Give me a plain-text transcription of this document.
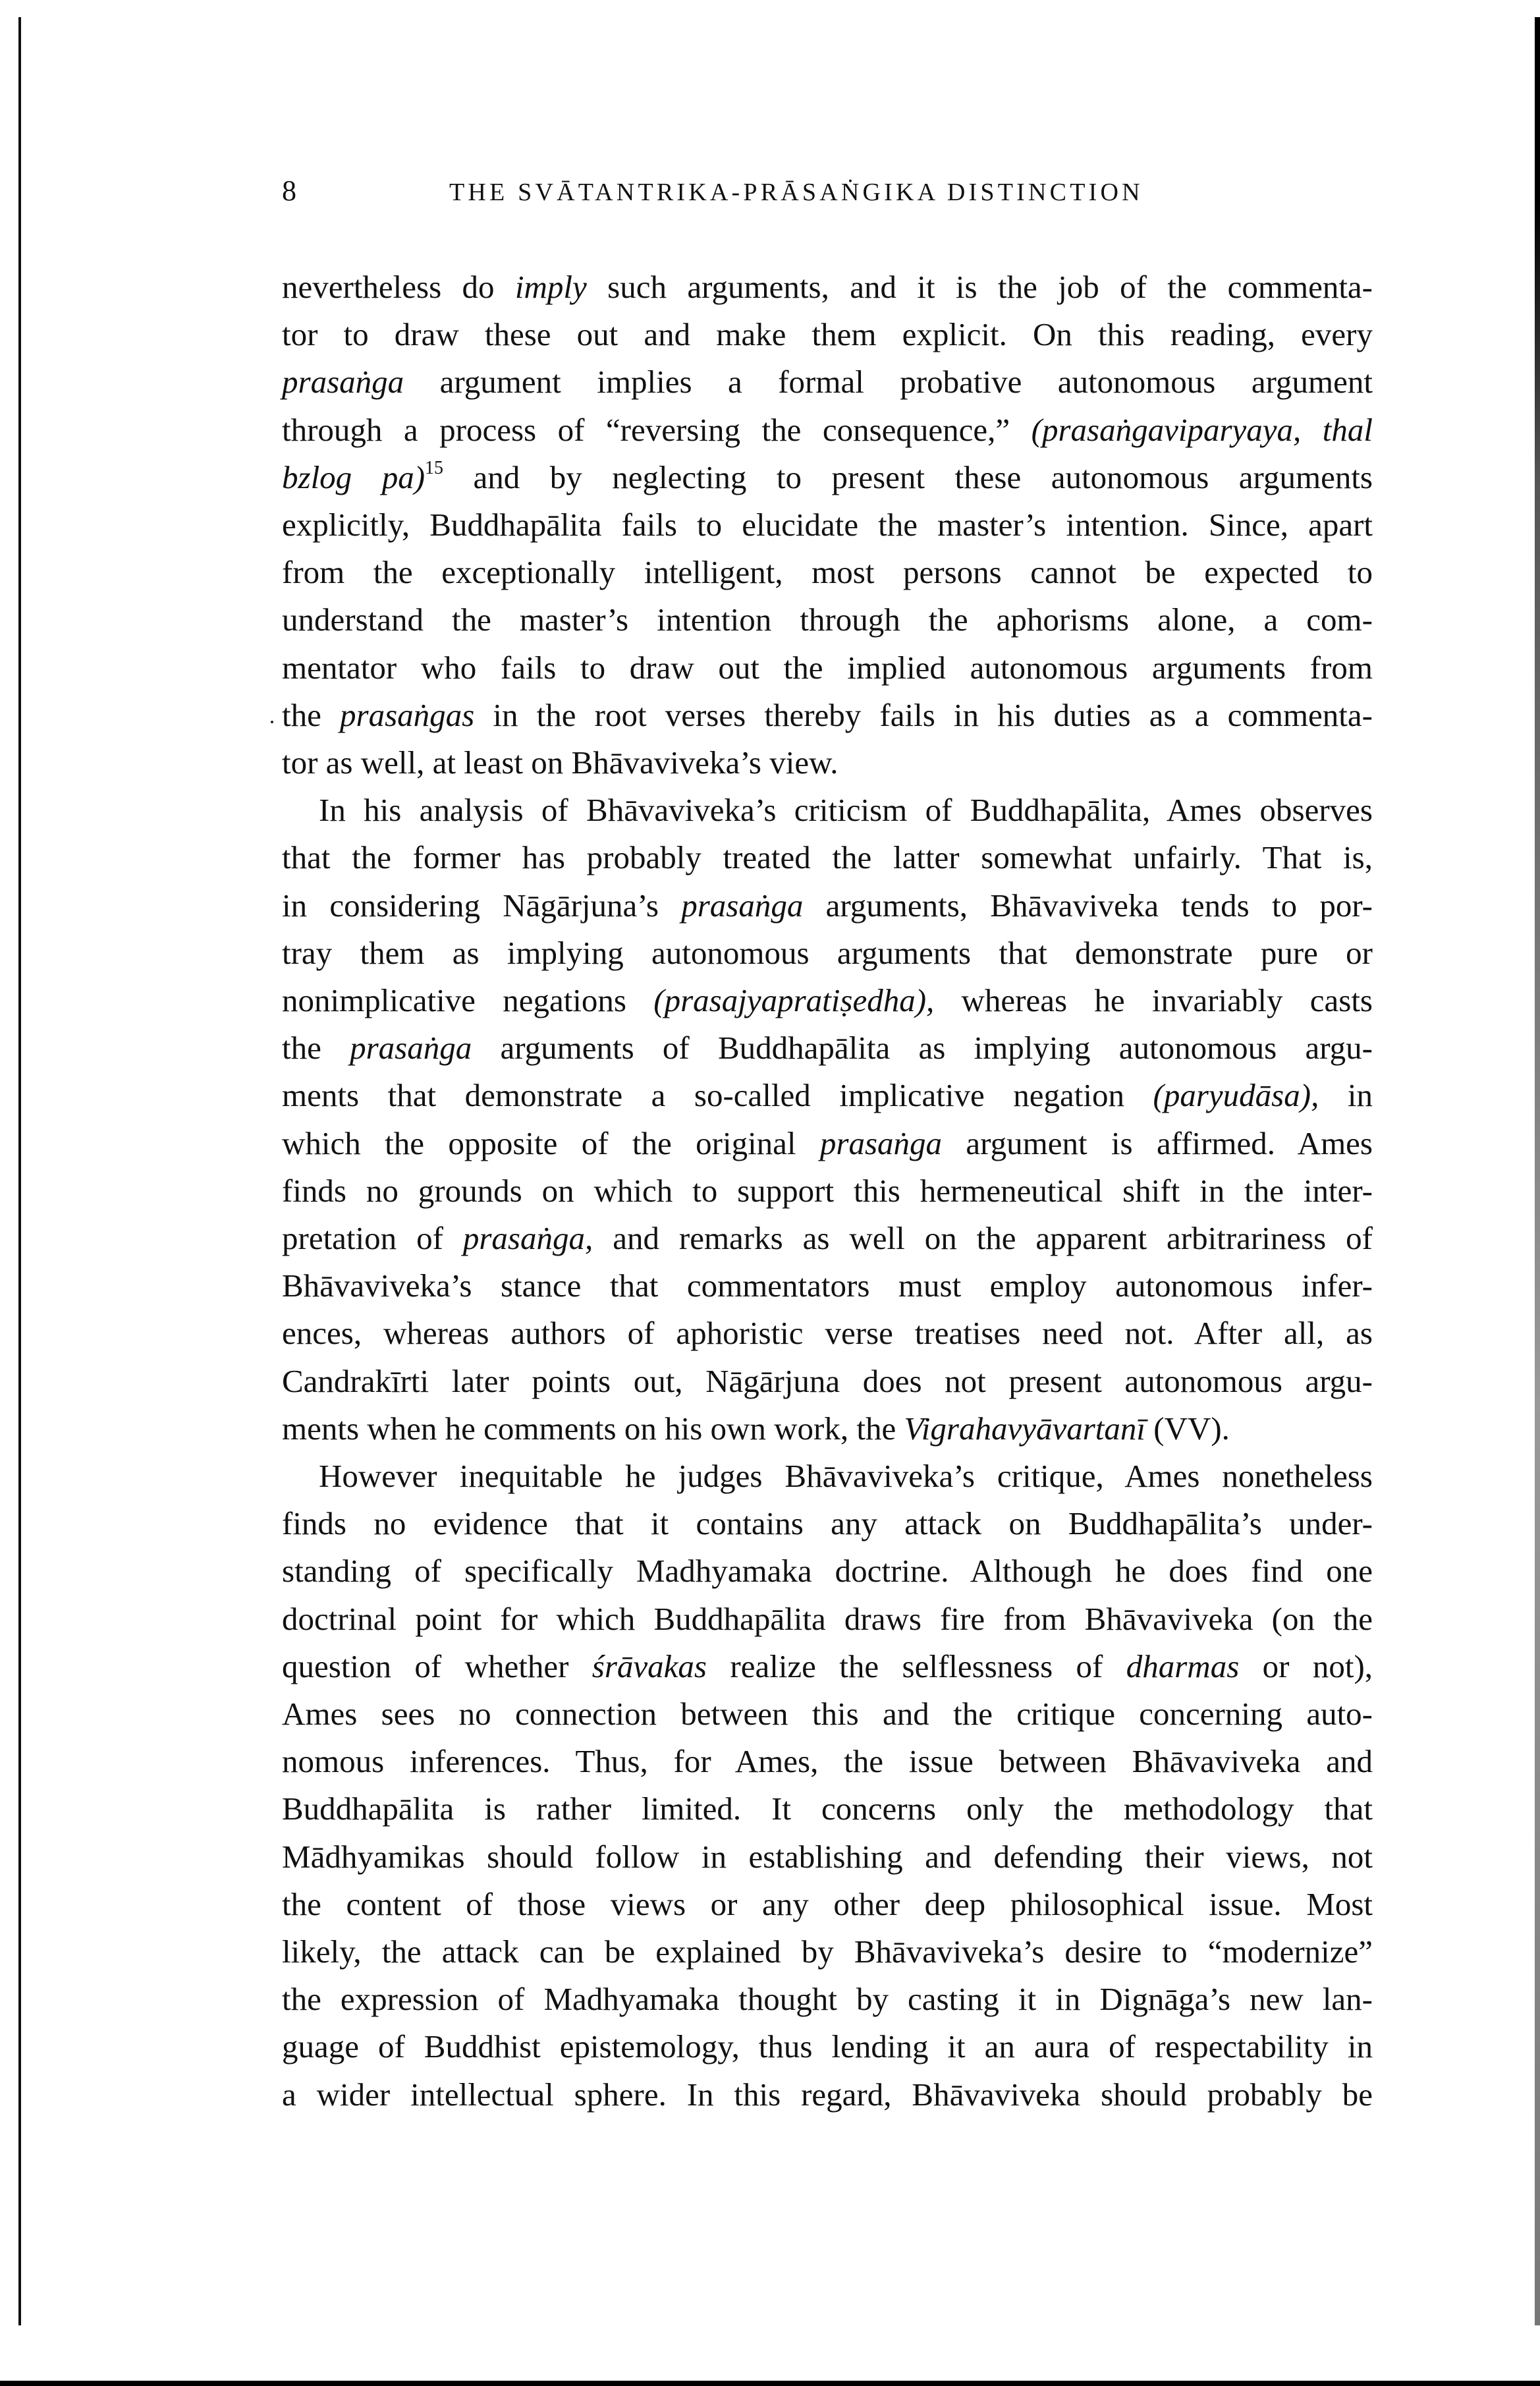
8	THE SVĀTANTRIKA-PRĀSAṄGIKA DISTINCTION
nevertheless do imply such arguments, and it is the job of the commenta-
tor to draw these out and make them explicit. On this reading, every
prasaṅga argument implies a formal probative autonomous argument
through a process of “reversing the consequence,” (prasaṅgaviparyaya, thal
bzlog pa)$^{15}$ and by neglecting to present these autonomous arguments
explicitly, Buddhapālita fails to elucidate the master’s intention. Since, apart
from the exceptionally intelligent, most persons cannot be expected to
understand the master’s intention through the aphorisms alone, a com-
mentator who fails to draw out the implied autonomous arguments from
the prasaṅgas in the root verses thereby fails in his duties as a commenta-
tor as well, at least on Bhāvaviveka’s view.
In his analysis of Bhāvaviveka’s criticism of Buddhapālita, Ames observes
that the former has probably treated the latter somewhat unfairly. That is,
in considering Nāgārjuna’s prasaṅga arguments, Bhāvaviveka tends to por-
tray them as implying autonomous arguments that demonstrate pure or
nonimplicative negations (prasajyapratiṣedha), whereas he invariably casts
the prasaṅga arguments of Buddhapālita as implying autonomous argu-
ments that demonstrate a so-called implicative negation (paryudāsa), in
which the opposite of the original prasaṅga argument is affirmed. Ames
finds no grounds on which to support this hermeneutical shift in the inter-
pretation of prasaṅga, and remarks as well on the apparent arbitrariness of
Bhāvaviveka’s stance that commentators must employ autonomous infer-
ences, whereas authors of aphoristic verse treatises need not. After all, as
Candrakīrti later points out, Nāgārjuna does not present autonomous argu-
ments when he comments on his own work, the Vigrahavyāvartanī (VV).
However inequitable he judges Bhāvaviveka’s critique, Ames nonetheless
finds no evidence that it contains any attack on Buddhapālita’s under-
standing of specifically Madhyamaka doctrine. Although he does find one
doctrinal point for which Buddhapālita draws fire from Bhāvaviveka (on the
question of whether śrāvakas realize the selflessness of dharmas or not),
Ames sees no connection between this and the critique concerning auto-
nomous inferences. Thus, for Ames, the issue between Bhāvaviveka and
Buddhapālita is rather limited. It concerns only the methodology that
Mādhyamikas should follow in establishing and defending their views, not
the content of those views or any other deep philosophical issue. Most
likely, the attack can be explained by Bhāvaviveka’s desire to “modernize”
the expression of Madhyamaka thought by casting it in Dignāga’s new lan-
guage of Buddhist epistemology, thus lending it an aura of respectability in
a wider intellectual sphere. In this regard, Bhāvaviveka should probably be
